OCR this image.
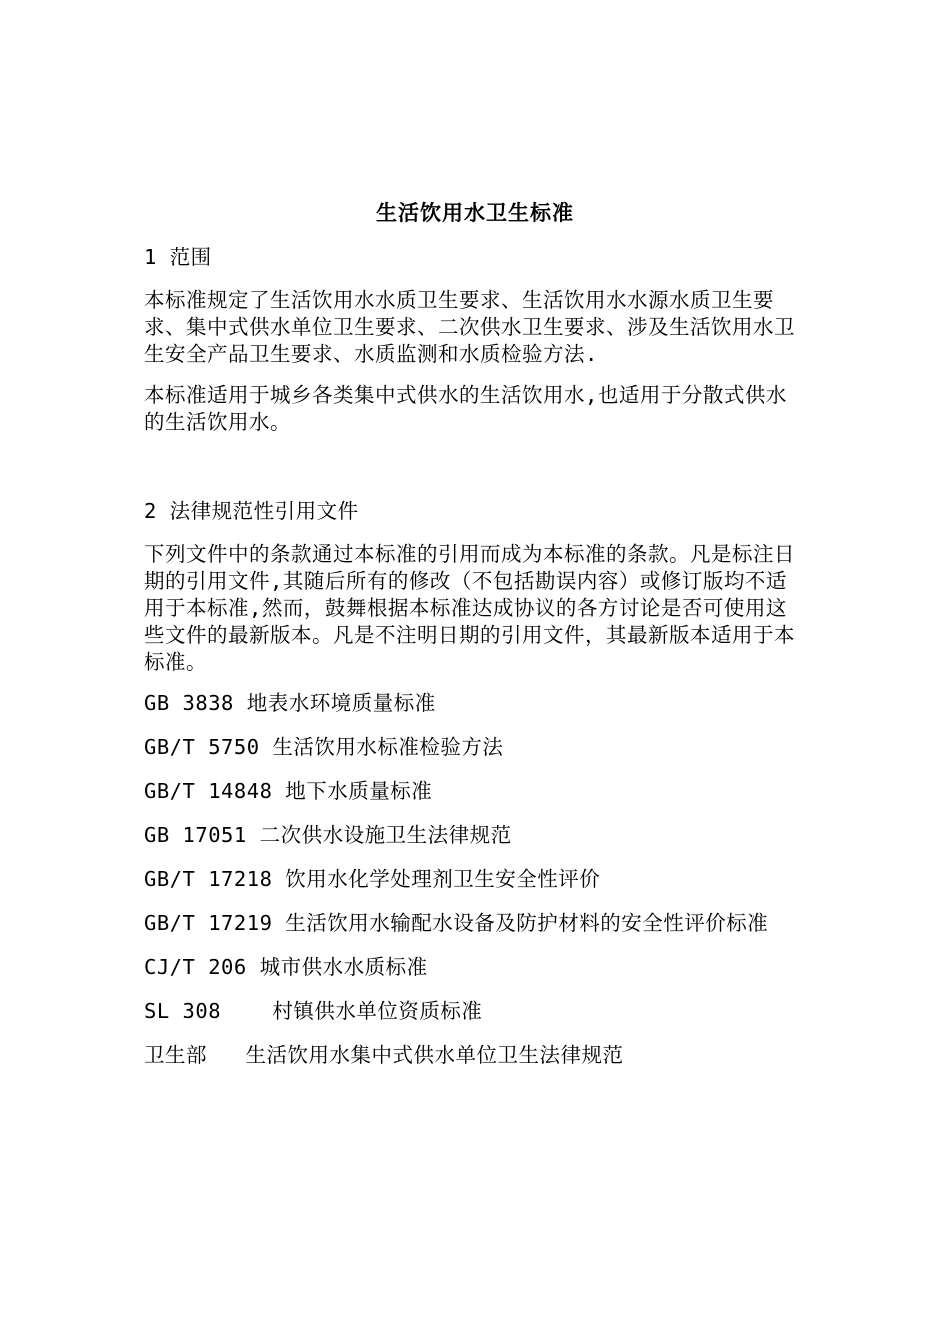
生活饮用水卫生标准
1 范围
本标准规定了生活饮用水水质卫生要求、生活饮用水水源水质卫生要求、集中式供水单位卫生要求、二次供水卫生要求、涉及生活饮用水卫生安全产品卫生要求、水质监测和水质检验方法.
本标准适用于城乡各类集中式供水的生活饮用水,也适用于分散式供水的生活饮用水。
2 法律规范性引用文件
下列文件中的条款通过本标准的引用而成为本标准的条款。凡是标注日期的引用文件,其随后所有的修改（不包括勘误内容）或修订版均不适用于本标准,然而，鼓舞根据本标准达成协议的各方讨论是否可使用这些文件的最新版本。凡是不注明日期的引用文件，其最新版本适用于本标准。
GB 3838 地表水环境质量标准
GB/T 5750 生活饮用水标准检验方法
GB/T 14848 地下水质量标准
GB 17051 二次供水设施卫生法律规范
GB/T 17218 饮用水化学处理剂卫生安全性评价
GB/T 17219 生活饮用水输配水设备及防护材料的安全性评价标准
CJ/T 206 城市供水水质标准
SL 308    村镇供水单位资质标准
卫生部   生活饮用水集中式供水单位卫生法律规范
